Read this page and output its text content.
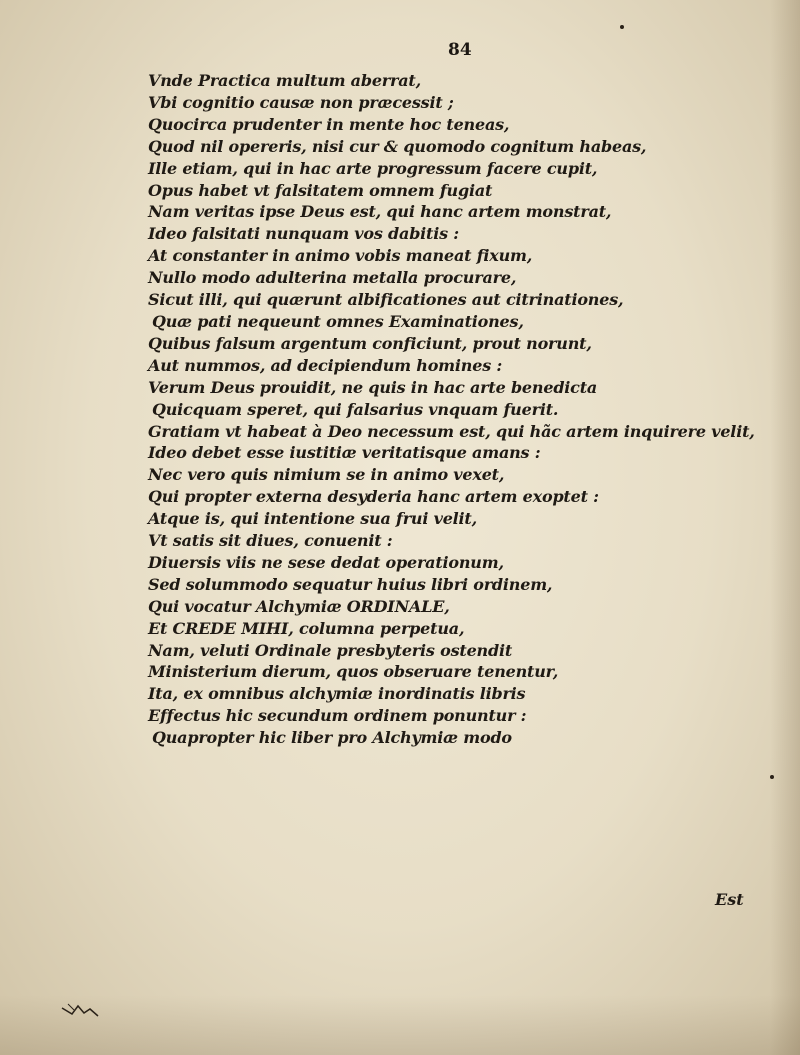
84
Vnde Practica multum aberrat,
Vbi cognitio causæ non præcessit ;
Quocirca prudenter in mente hoc teneas,
Quod nil opereris, nisi cur & quomodo cognitum habeas,
Ille etiam, qui in hac arte progressum facere cupit,
Opus habet vt falsitatem omnem fugiat
Nam veritas ipse Deus est, qui hanc artem monstrat,
Ideo falsitati nunquam vos dabitis :
At constanter in animo vobis maneat fixum,
Nullo modo adulterina metalla procurare,
Sicut illi, qui quærunt albificationes aut citrinationes,
Quæ pati nequeunt omnes Examinationes,
Quibus falsum argentum conficiunt, prout norunt,
Aut nummos, ad decipiendum homines :
Verum Deus prouidit, ne quis in hac arte benedicta
Quicquam speret, qui falsarius vnquam fuerit.
Gratiam vt habeat à Deo necessum est, qui hãc artem inquirere velit,
Ideo debet esse iustitiæ veritatisque amans :
Nec vero quis nimium se in animo vexet,
Qui propter externa desyderia hanc artem exoptet :
Atque is, qui intentione sua frui velit,
Vt satis sit diues, conuenit :
Diuersis viis ne sese dedat operationum,
Sed solummodo sequatur huius libri ordinem,
Qui vocatur Alchymiæ ORDINALE,
Et CREDE MIHI, columna perpetua,
Nam, veluti Ordinale presbyteris ostendit
Ministerium dierum, quos obseruare tenentur,
Ita, ex omnibus alchymiæ inordinatis libris
Effectus hic secundum ordinem ponuntur :
Quapropter hic liber pro Alchymiæ modo
Est
